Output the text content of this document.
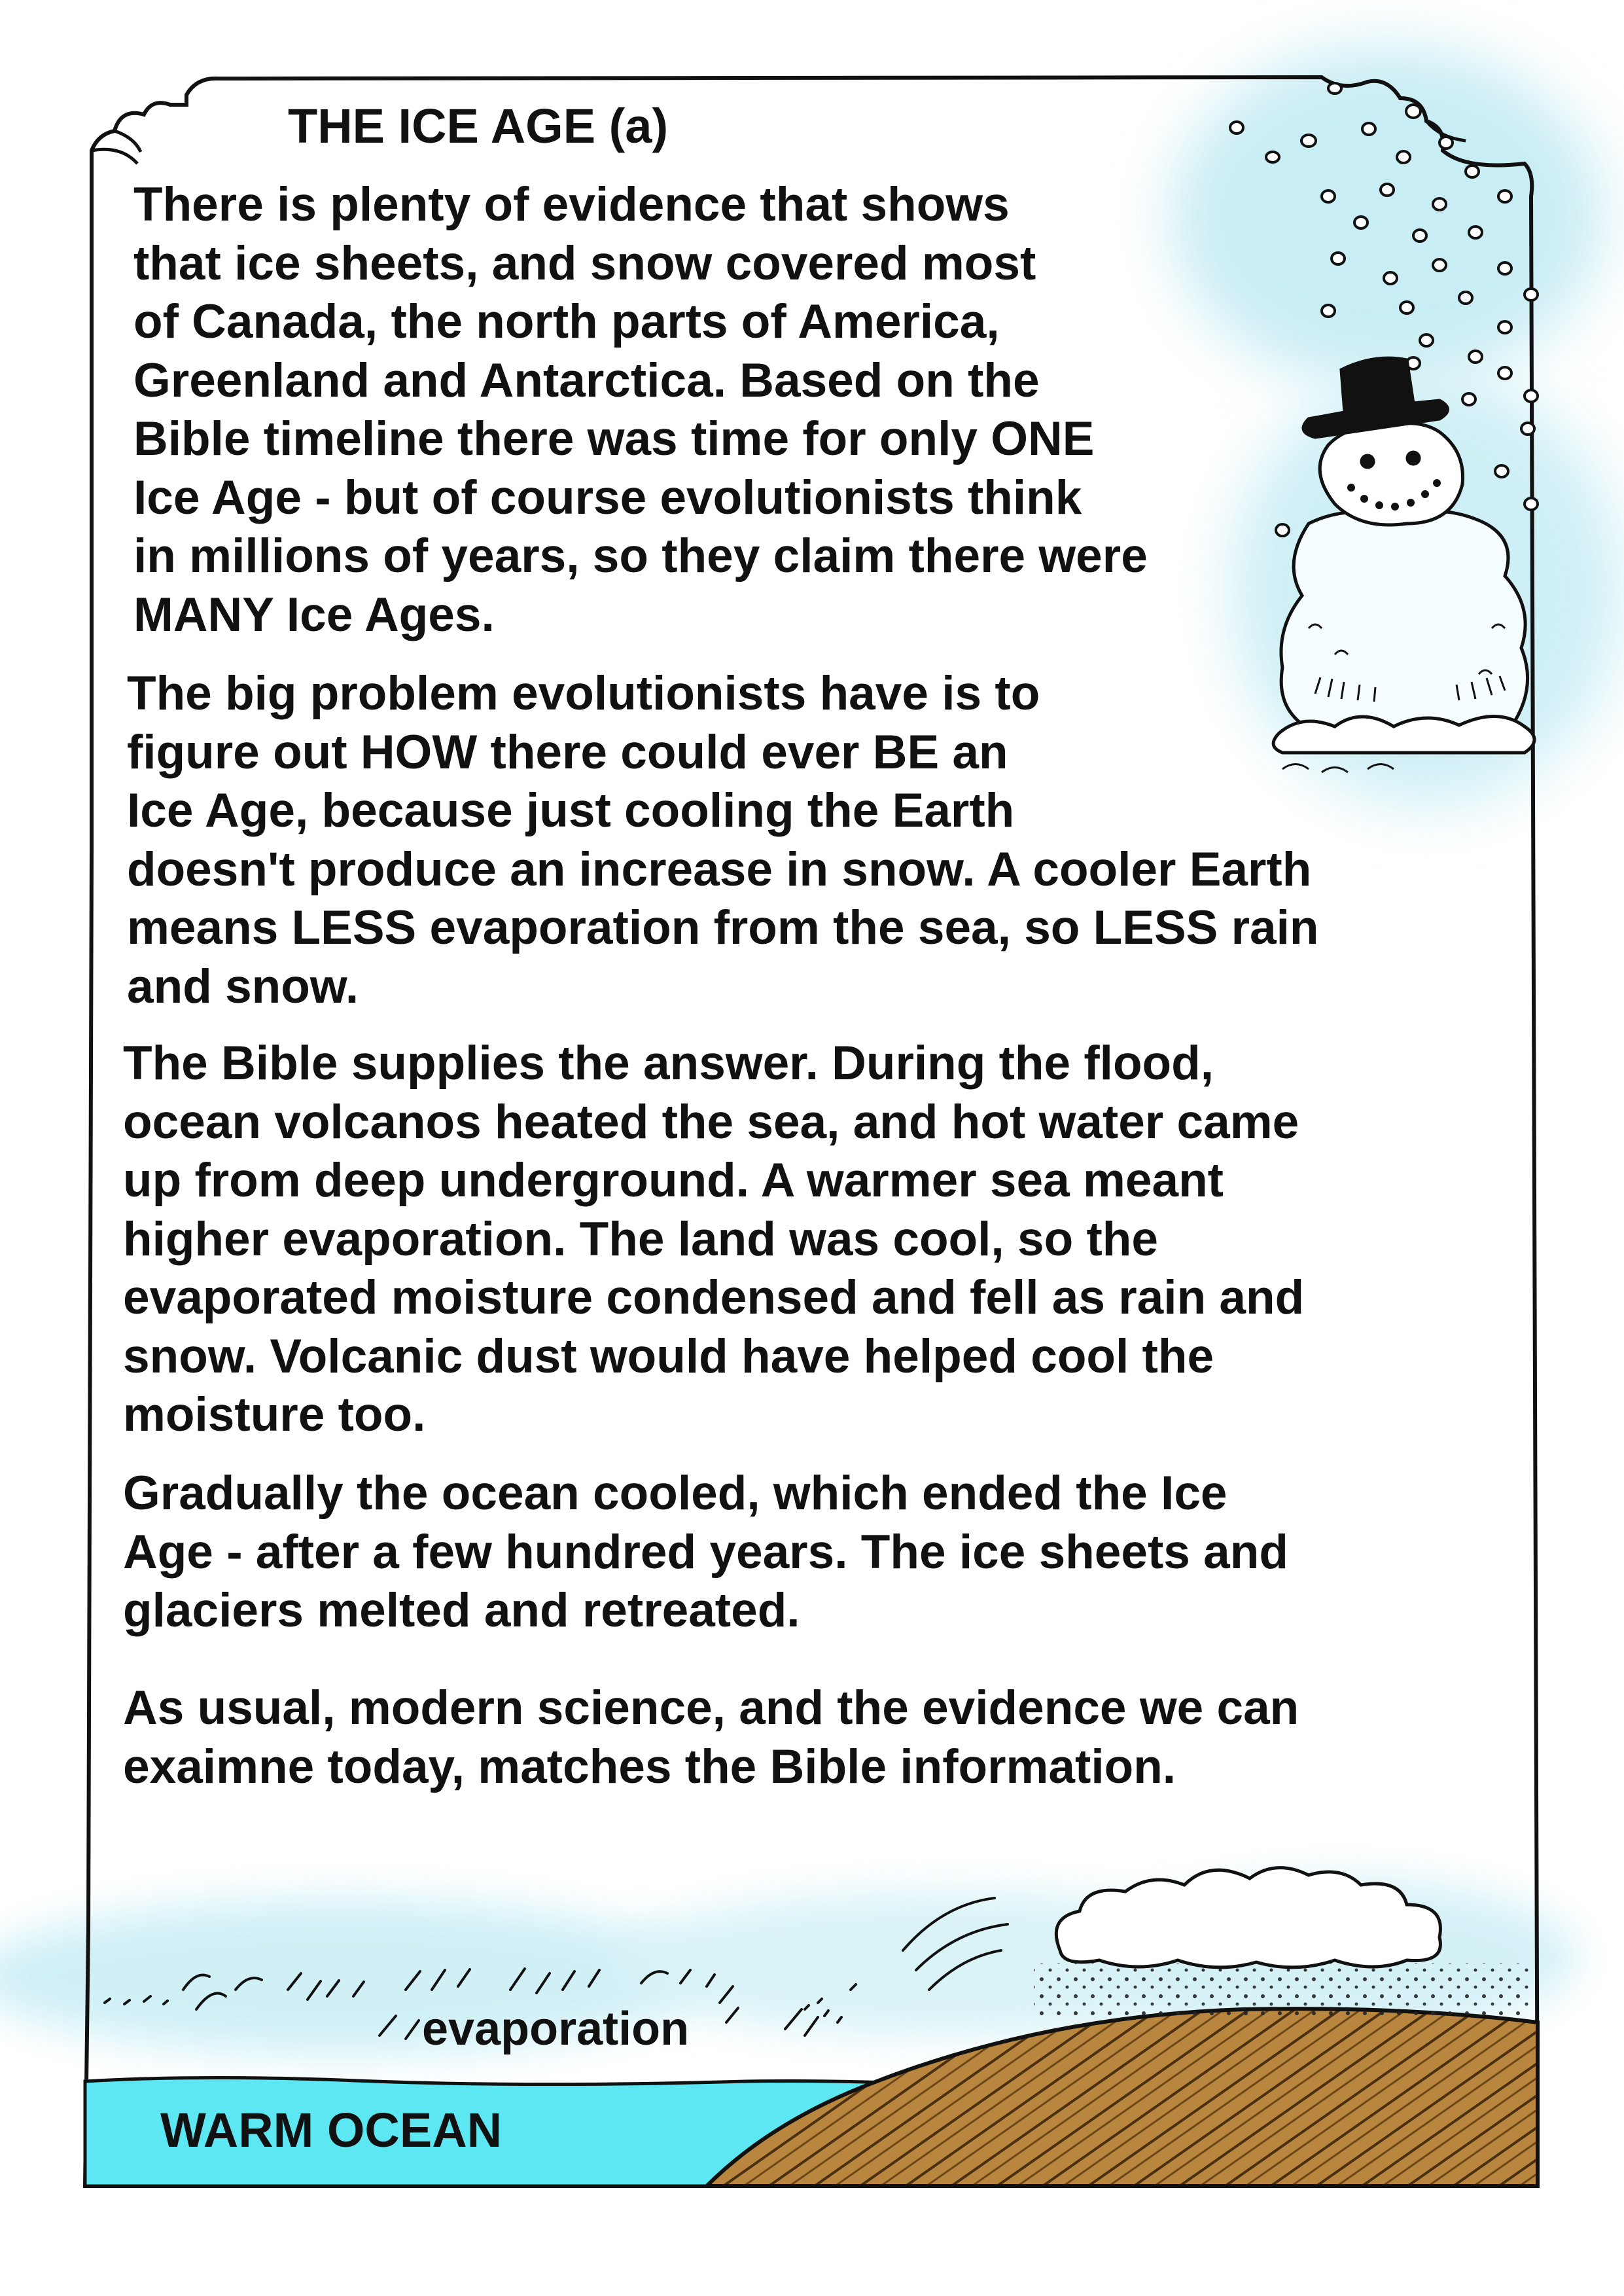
THE ICE AGE (a)

There is plenty of evidence that shows
that ice sheets, and snow covered most
of Canada, the north parts of America,
Greenland and Antarctica. Based on the
Bible timeline there was time for only ONE
Ice Age - but of course evolutionists think
in millions of years, so they claim there were
MANY Ice Ages.

The big problem evolutionists have is to
figure out HOW there could ever BE an
Ice Age, because just cooling the Earth
doesn't produce an increase in snow. A cooler Earth
means LESS evaporation from the sea, so LESS rain
and snow.

The Bible supplies the answer. During the flood,
ocean volcanos heated the sea, and hot water came
up from deep underground. A warmer sea meant
higher evaporation. The land was cool, so the
evaporated moisture condensed and fell as rain and
snow. Volcanic dust would have helped cool the
moisture too.

Gradually the ocean cooled, which ended the Ice
Age - after a few hundred years. The ice sheets and
glaciers melted and retreated.

As usual, modern science, and the evidence we can
exaimne today, matches the Bible information.

evaporation
WARM OCEAN
